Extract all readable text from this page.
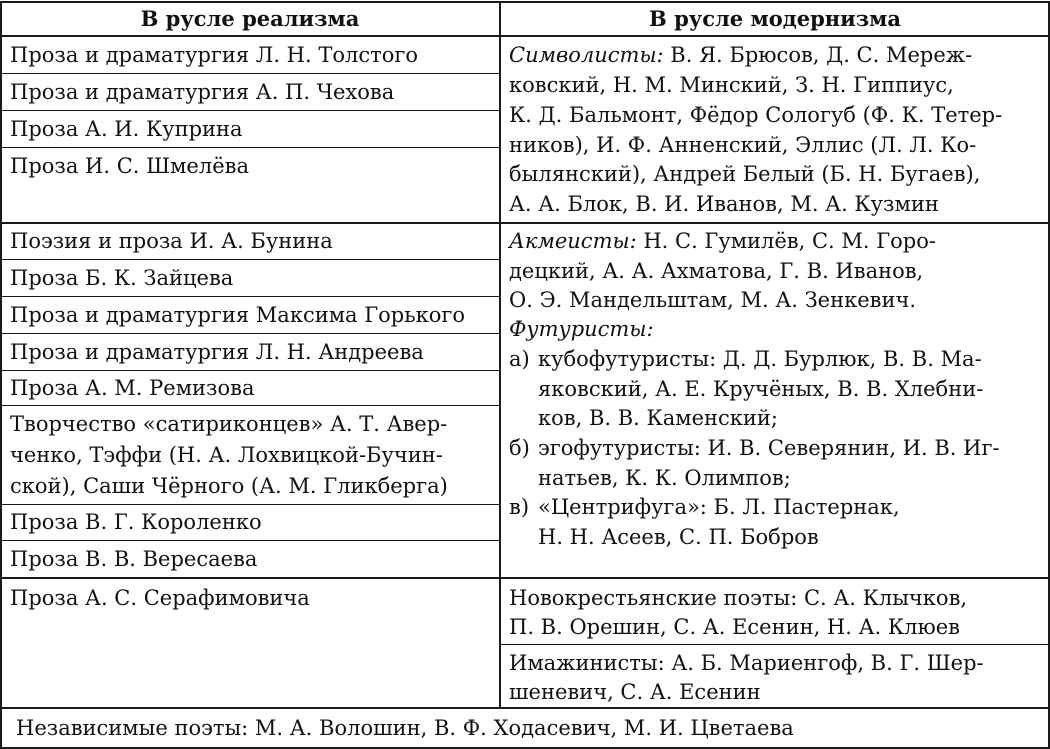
В русле реализма	В русле модернизма
Проза и драматургия Л. Н. Толстого
Проза и драматургия А. П. Чехова
Проза А. И. Куприна
Проза И. С. Шмелёва
Поэзия и проза И. А. Бунина
Проза Б. К. Зайцева
Проза и драматургия Максима Горького
Проза и драматургия Л. Н. Андреева
Проза А. М. Ремизова
Творчество «сатириконцев» А. Т. Авер-
ченко, Тэффи (Н. А. Лохвицкой-Бучин-
ской), Саши Чёрного (А. М. Гликберга)
Проза В. Г. Короленко
Проза В. В. Вересаева
Проза А. С. Серафимовича
Символисты: В. Я. Брюсов, Д. С. Мереж-
ковский, Н. М. Минский, З. Н. Гиппиус,
К. Д. Бальмонт, Фёдор Сологуб (Ф. К. Тетер-
ников), И. Ф. Анненский, Эллис (Л. Л. Ко-
былянский), Андрей Белый (Б. Н. Бугаев),
А. А. Блок, В. И. Иванов, М. А. Кузмин
Акмеисты: Н. С. Гумилёв, С. М. Горо-
децкий, А. А. Ахматова, Г. В. Иванов,
О. Э. Мандельштам, М. А. Зенкевич.
Футуристы:
а) кубофутуристы: Д. Д. Бурлюк, В. В. Ма-
яковский, А. Е. Кручёных, В. В. Хлебни-
ков, В. В. Каменский;
б) эгофутуристы: И. В. Северянин, И. В. Иг-
натьев, К. К. Олимпов;
в) «Центрифуга»: Б. Л. Пастернак,
Н. Н. Асеев, С. П. Бобров
Новокрестьянские поэты: С. А. Клычков,
П. В. Орешин, С. А. Есенин, Н. А. Клюев
Имажинисты: А. Б. Мариенгоф, В. Г. Шер-
шеневич, С. А. Есенин
Независимые поэты: М. А. Волошин, В. Ф. Ходасевич, М. И. Цветаева
